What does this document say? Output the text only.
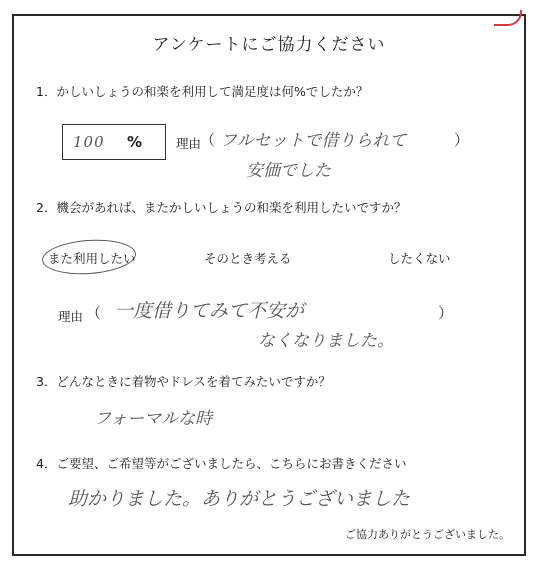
アンケートにご協力ください
1．かしいしょうの和楽を利用して満足度は何%でしたか？
100 %	理由
（ フルセットで借りられて	）
安価でした
2．機会があれば、またかしいしょうの和楽を利用したいですか？
また利用したい	そのとき考える	したくない
理由 （ 一度借りてみて不安が	）
なくなりました。
3．どんなときに着物やドレスを着てみたいですか？
フォーマルな時
4．ご要望、ご希望等がございましたら、こちらにお書きください
助かりました。ありがとうございました
ご協力ありがとうございました。
